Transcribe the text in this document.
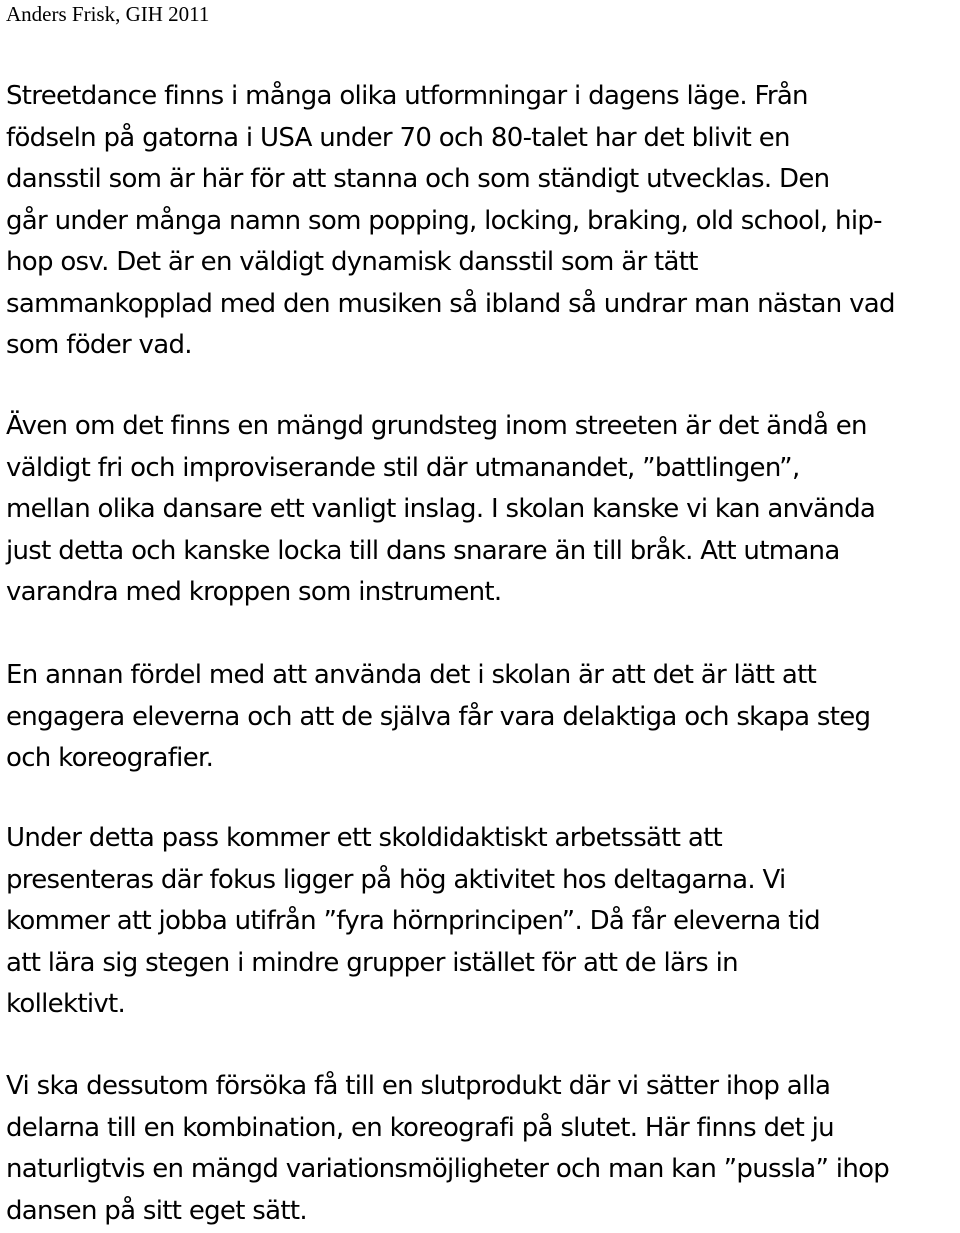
Anders Frisk, GIH 2011

Streetdance finns i många olika utformningar i dagens läge. Från
födseln på gatorna i USA under 70 och 80-talet har det blivit en
dansstil som är här för att stanna och som ständigt utvecklas. Den
går under många namn som popping, locking, braking, old school, hip-
hop osv. Det är en väldigt dynamisk dansstil som är tätt
sammankopplad med den musiken så ibland så undrar man nästan vad
som föder vad.

Även om det finns en mängd grundsteg inom streeten är det ändå en
väldigt fri och improviserande stil där utmanandet, ”battlingen”,
mellan olika dansare ett vanligt inslag. I skolan kanske vi kan använda
just detta och kanske locka till dans snarare än till bråk. Att utmana
varandra med kroppen som instrument.

En annan fördel med att använda det i skolan är att det är lätt att
engagera eleverna och att de själva får vara delaktiga och skapa steg
och koreografier.

Under detta pass kommer ett skoldidaktiskt arbetssätt att
presenteras där fokus ligger på hög aktivitet hos deltagarna. Vi
kommer att jobba utifrån ”fyra hörnprincipen”. Då får eleverna tid
att lära sig stegen i mindre grupper istället för att de lärs in
kollektivt.

Vi ska dessutom försöka få till en slutprodukt där vi sätter ihop alla
delarna till en kombination, en koreografi på slutet. Här finns det ju
naturligtvis en mängd variationsmöjligheter och man kan ”pussla” ihop
dansen på sitt eget sätt.
